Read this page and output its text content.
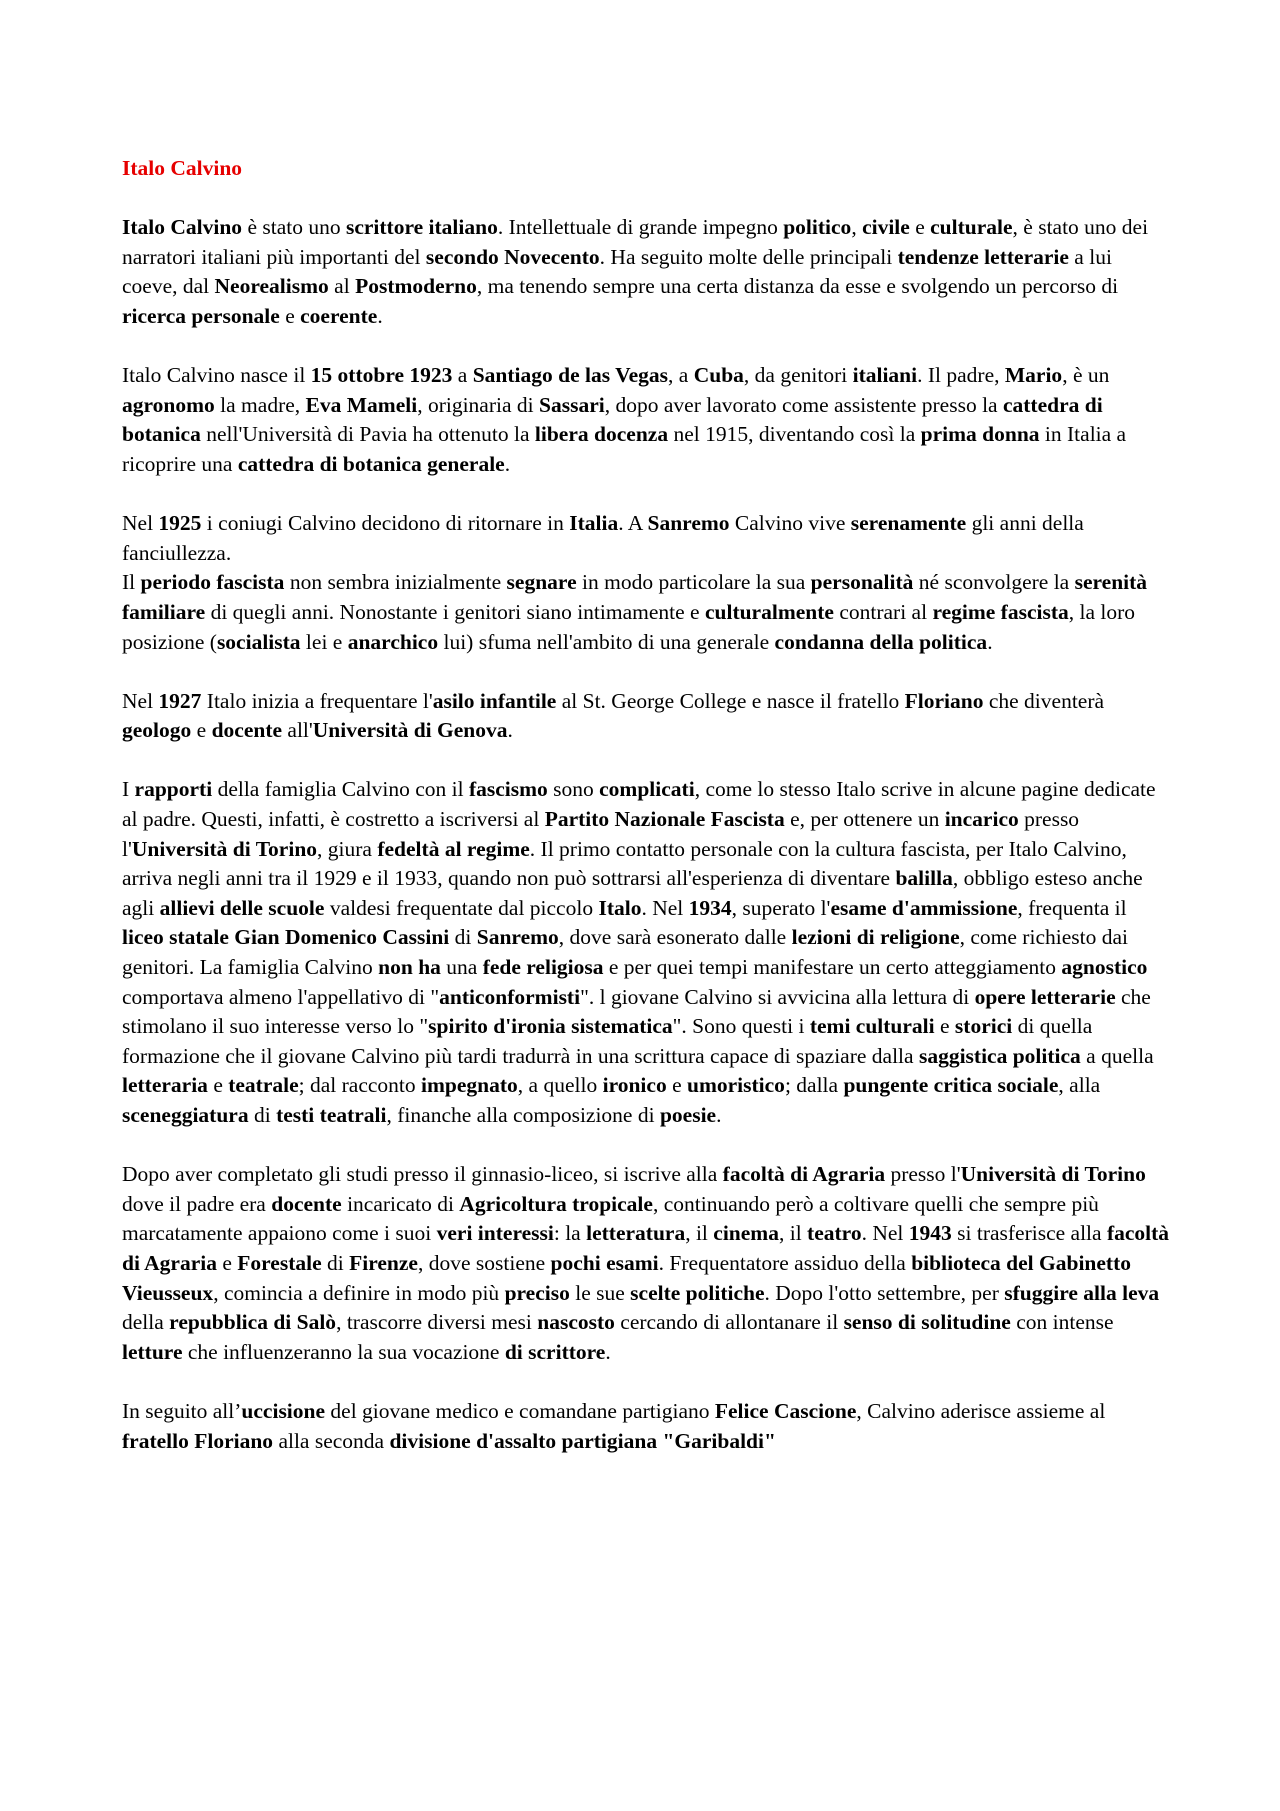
Italo Calvino

Italo Calvino è stato uno scrittore italiano. Intellettuale di grande impegno politico, civile e culturale, è stato uno dei narratori italiani più importanti del secondo Novecento. Ha seguito molte delle principali tendenze letterarie a lui coeve, dal Neorealismo al Postmoderno, ma tenendo sempre una certa distanza da esse e svolgendo un percorso di ricerca personale e coerente.

Italo Calvino nasce il 15 ottobre 1923 a Santiago de las Vegas, a Cuba, da genitori italiani. Il padre, Mario, è un agronomo la madre, Eva Mameli, originaria di Sassari, dopo aver lavorato come assistente presso la cattedra di botanica nell'Università di Pavia ha ottenuto la libera docenza nel 1915, diventando così la prima donna in Italia a ricoprire una cattedra di botanica generale.

Nel 1925 i coniugi Calvino decidono di ritornare in Italia. A Sanremo Calvino vive serenamente gli anni della fanciullezza.

Il periodo fascista non sembra inizialmente segnare in modo particolare la sua personalità né sconvolgere la serenità familiare di quegli anni. Nonostante i genitori siano intimamente e culturalmente contrari al regime fascista, la loro posizione (socialista lei e anarchico lui) sfuma nell'ambito di una generale condanna della politica.

Nel 1927 Italo inizia a frequentare l'asilo infantile al St. George College e nasce il fratello Floriano che diventerà geologo e docente all'Università di Genova.

I rapporti della famiglia Calvino con il fascismo sono complicati, come lo stesso Italo scrive in alcune pagine dedicate al padre. Questi, infatti, è costretto a iscriversi al Partito Nazionale Fascista e, per ottenere un incarico presso l'Università di Torino, giura fedeltà al regime. Il primo contatto personale con la cultura fascista, per Italo Calvino, arriva negli anni tra il 1929 e il 1933, quando non può sottrarsi all'esperienza di diventare balilla, obbligo esteso anche agli allievi delle scuole valdesi frequentate dal piccolo Italo. Nel 1934, superato l'esame d'ammissione, frequenta il liceo statale Gian Domenico Cassini di Sanremo, dove sarà esonerato dalle lezioni di religione, come richiesto dai genitori. La famiglia Calvino non ha una fede religiosa e per quei tempi manifestare un certo atteggiamento agnostico comportava almeno l'appellativo di "anticonformisti". l giovane Calvino si avvicina alla lettura di opere letterarie che stimolano il suo interesse verso lo "spirito d'ironia sistematica". Sono questi i temi culturali e storici di quella formazione che il giovane Calvino più tardi tradurrà in una scrittura capace di spaziare dalla saggistica politica a quella letteraria e teatrale; dal racconto impegnato, a quello ironico e umoristico; dalla pungente critica sociale, alla sceneggiatura di testi teatrali, finanche alla composizione di poesie.

Dopo aver completato gli studi presso il ginnasio-liceo, si iscrive alla facoltà di Agraria presso l'Università di Torino dove il padre era docente incaricato di Agricoltura tropicale, continuando però a coltivare quelli che sempre più marcatamente appaiono come i suoi veri interessi: la letteratura, il cinema, il teatro. Nel 1943 si trasferisce alla facoltà di Agraria e Forestale di Firenze, dove sostiene pochi esami. Frequentatore assiduo della biblioteca del Gabinetto Vieusseux, comincia a definire in modo più preciso le sue scelte politiche. Dopo l'otto settembre, per sfuggire alla leva della repubblica di Salò, trascorre diversi mesi nascosto cercando di allontanare il senso di solitudine con intense letture che influenzeranno la sua vocazione di scrittore.

In seguito all’uccisione del giovane medico e comandane partigiano Felice Cascione, Calvino aderisce assieme al fratello Floriano alla seconda divisione d'assalto partigiana "Garibaldi"
